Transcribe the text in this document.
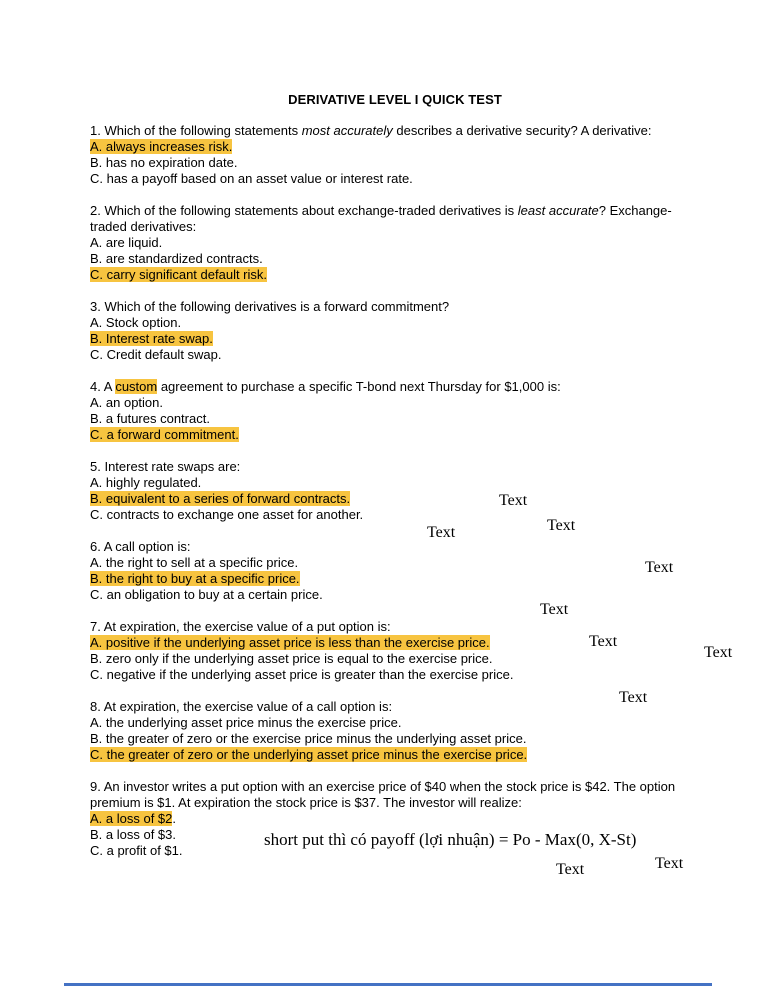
DERIVATIVE LEVEL I QUICK TEST

1. Which of the following statements most accurately describes a derivative security? A derivative:

A. always increases risk.

B. has no expiration date.

C. has a payoff based on an asset value or interest rate.

2. Which of the following statements about exchange-traded derivatives is least accurate? Exchange-traded derivatives:

A. are liquid.

B. are standardized contracts.

C. carry significant default risk.

3. Which of the following derivatives is a forward commitment?

A. Stock option.

B. Interest rate swap.

C. Credit default swap.

4. A custom agreement to purchase a specific T-bond next Thursday for $1,000 is:

A. an option.

B. a futures contract.

C. a forward commitment.

5. Interest rate swaps are:

A. highly regulated.

B. equivalent to a series of forward contracts.

C. contracts to exchange one asset for another.

6. A call option is:

A. the right to sell at a specific price.

B. the right to buy at a specific price.

C. an obligation to buy at a certain price.

7. At expiration, the exercise value of a put option is:

A. positive if the underlying asset price is less than the exercise price.

B. zero only if the underlying asset price is equal to the exercise price.

C. negative if the underlying asset price is greater than the exercise price.

8. At expiration, the exercise value of a call option is:

A. the underlying asset price minus the exercise price.

B. the greater of zero or the exercise price minus the underlying asset price.

C. the greater of zero or the underlying asset price minus the exercise price.

9. An investor writes a put option with an exercise price of $40 when the stock price is $42. The option premium is $1. At expiration the stock price is $37. The investor will realize:

A. a loss of $2.

B. a loss of $3.

C. a profit of $1.

Text
Text
Text
Text
Text
Text
Text
Text
Text
Text
short put thì có payoff (lợi nhuận) = Po - Max(0, X-St)
